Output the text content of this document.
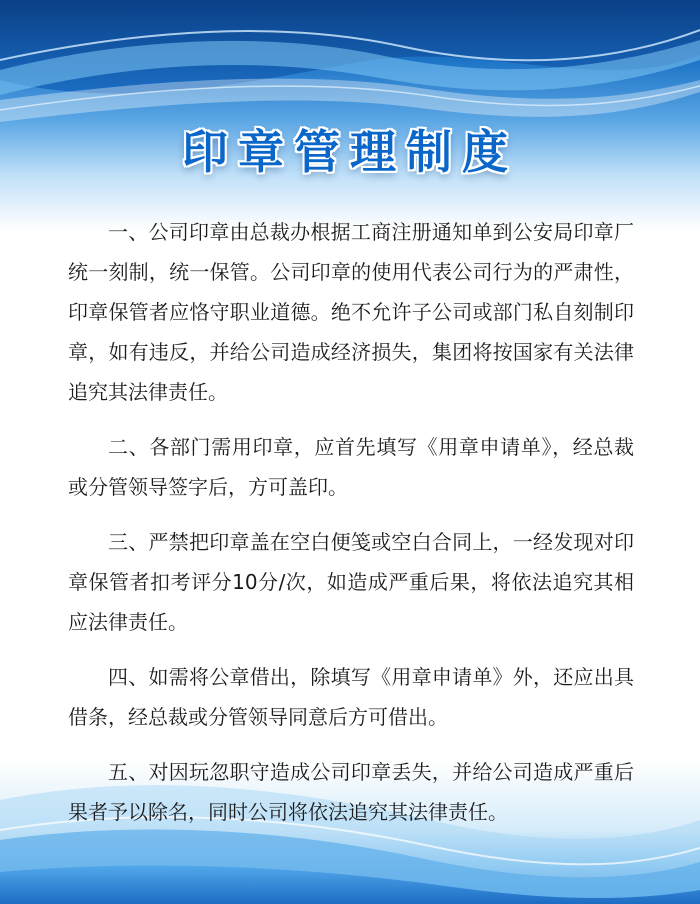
印章管理制度

一、公司印章由总裁办根据工商注册通知单到公安局印章厂统一刻制，统一保管。公司印章的使用代表公司行为的严肃性，印章保管者应恪守职业道德。绝不允许子公司或部门私自刻制印章，如有违反，并给公司造成经济损失，集团将按国家有关法律追究其法律责任。

二、各部门需用印章，应首先填写《用章申请单》，经总裁或分管领导签字后，方可盖印。

三、严禁把印章盖在空白便笺或空白合同上，一经发现对印章保管者扣考评分10分/次，如造成严重后果，将依法追究其相应法律责任。

四、如需将公章借出，除填写《用章申请单》外，还应出具借条，经总裁或分管领导同意后方可借出。

五、对因玩忽职守造成公司印章丢失，并给公司造成严重后果者予以除名，同时公司将依法追究其法律责任。
